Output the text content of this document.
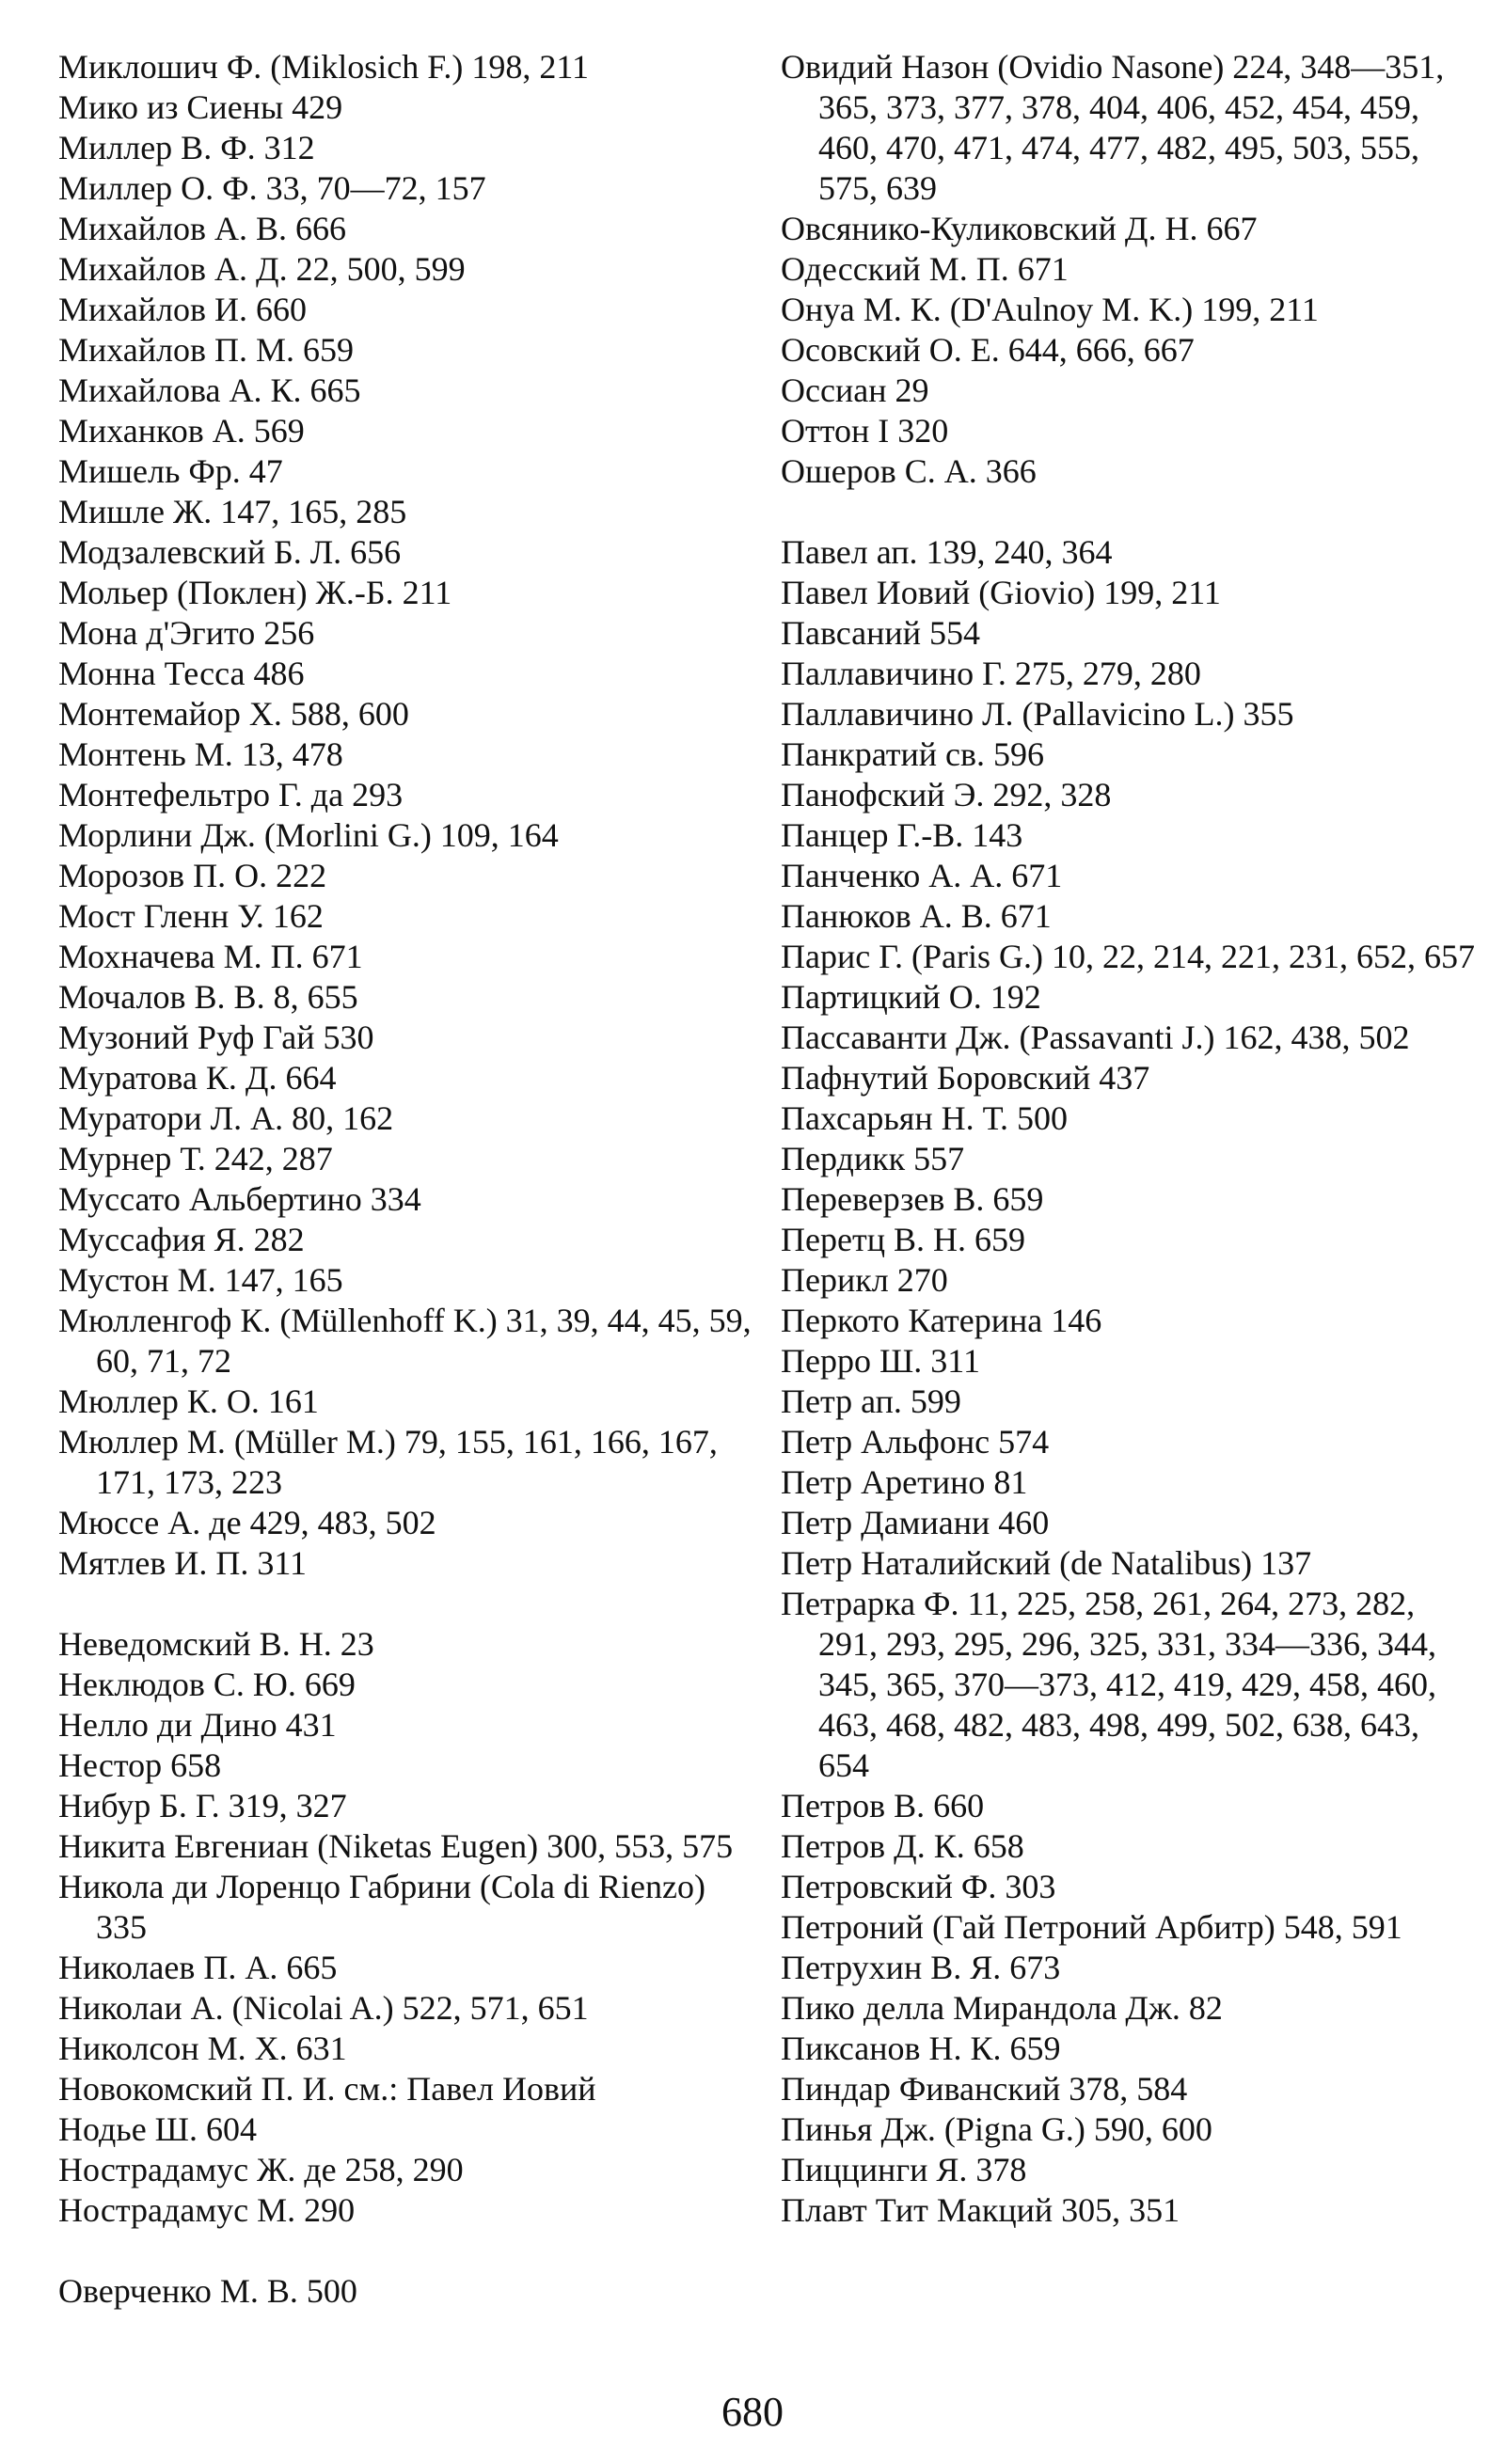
Миклошич Ф. (Miklosich F.) 198, 211

Мико из Сиены 429

Миллер В. Ф. 312

Миллер О. Ф. 33, 70—72, 157

Михайлов А. В. 666

Михайлов А. Д. 22, 500, 599

Михайлов И. 660

Михайлов П. М. 659

Михайлова А. К. 665

Миханков А. 569

Мишель Фр. 47

Мишле Ж. 147, 165, 285

Модзалевский Б. Л. 656

Мольер (Поклен) Ж.-Б. 211

Мона д'Эгито 256

Монна Тесса 486

Монтемайор Х. 588, 600

Монтень М. 13, 478

Монтефельтро Г. да 293

Морлини Дж. (Morlini G.) 109, 164

Морозов П. О. 222

Мост Гленн У. 162

Мохначева М. П. 671

Мочалов В. В. 8, 655

Музоний Руф Гай 530

Муратова К. Д. 664

Муратори Л. А. 80, 162

Мурнер Т. 242, 287

Муссато Альбертино 334

Муссафия Я. 282

Мустон М. 147, 165

Мюлленгоф К. (Müllenhoff K.) 31, 39, 44, 45, 59, 60, 71, 72

Мюллер К. О. 161

Мюллер М. (Müller M.) 79, 155, 161, 166, 167, 171, 173, 223

Мюссе А. де 429, 483, 502

Мятлев И. П. 311

Неведомский В. Н. 23

Неклюдов С. Ю. 669

Нелло ди Дино 431

Нестор 658

Нибур Б. Г. 319, 327

Никита Евгениан (Niketas Eugen) 300, 553, 575

Никола ди Лоренцо Габрини (Cola di Rienzo) 335

Николаев П. А. 665

Николаи А. (Nicolai A.) 522, 571, 651

Николсон М. Х. 631

Новокомский П. И. см.: Павел Иовий

Нодье Ш. 604

Нострадамус Ж. де 258, 290

Нострадамус М. 290

Оверченко М. В. 500

Овидий Назон (Ovidio Nasone) 224, 348—351, 365, 373, 377, 378, 404, 406, 452, 454, 459, 460, 470, 471, 474, 477, 482, 495, 503, 555, 575, 639

Овсянико-Куликовский Д. Н. 667

Одесский М. П. 671

Онуа М. К. (D'Aulnoy M. K.) 199, 211

Осовский О. Е. 644, 666, 667

Оссиан 29

Оттон I 320

Ошеров С. А. 366

Павел ап. 139, 240, 364

Павел Иовий (Giovio) 199, 211

Павсаний 554

Паллавичино Г. 275, 279, 280

Паллавичино Л. (Pallavicino L.) 355

Панкратий св. 596

Панофский Э. 292, 328

Панцер Г.-В. 143

Панченко А. А. 671

Панюков А. В. 671

Парис Г. (Paris G.) 10, 22, 214, 221, 231, 652, 657

Партицкий О. 192

Пассаванти Дж. (Passavanti J.) 162, 438, 502

Пафнутий Боровский 437

Пахсарьян Н. Т. 500

Пердикк 557

Переверзев В. 659

Перетц В. Н. 659

Перикл 270

Перкото Катерина 146

Перро Ш. 311

Петр ап. 599

Петр Альфонс 574

Петр Аретино 81

Петр Дамиани 460

Петр Наталийский (de Natalibus) 137

Петрарка Ф. 11, 225, 258, 261, 264, 273, 282, 291, 293, 295, 296, 325, 331, 334—336, 344, 345, 365, 370—373, 412, 419, 429, 458, 460, 463, 468, 482, 483, 498, 499, 502, 638, 643, 654

Петров В. 660

Петров Д. К. 658

Петровский Ф. 303

Петроний (Гай Петроний Арбитр) 548, 591

Петрухин В. Я. 673

Пико делла Мирандола Дж. 82

Пиксанов Н. К. 659

Пиндар Фиванский 378, 584

Пинья Дж. (Pigna G.) 590, 600

Пиццинги Я. 378

Плавт Тит Макций 305, 351

680
